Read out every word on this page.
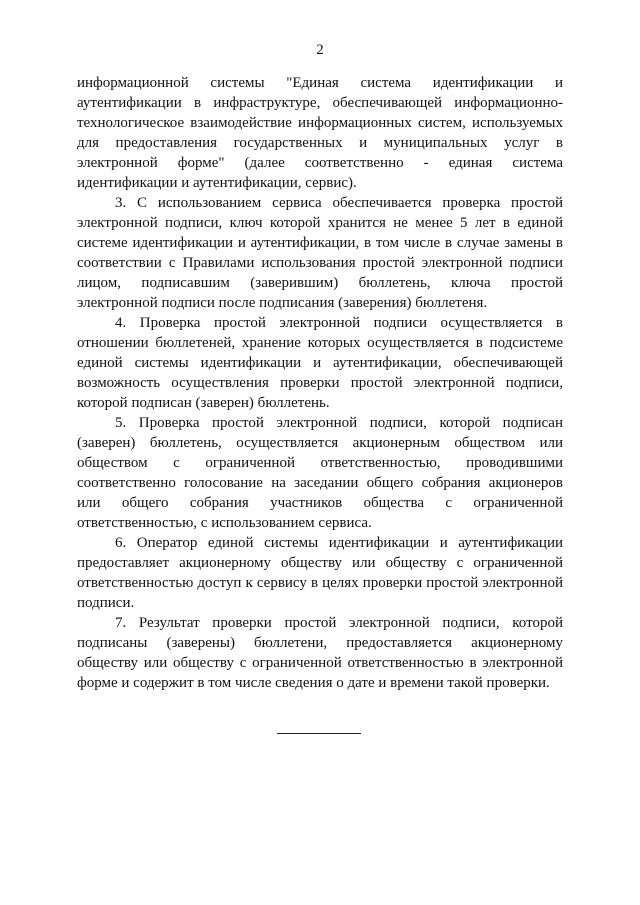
2

информационной системы "Единая система идентификации и аутентификации в инфраструктуре, обеспечивающей информационно-технологическое взаимодействие информационных систем, используемых для предоставления государственных и муниципальных услуг в электронной форме" (далее соответственно - единая система идентификации и аутентификации, сервис).

3. С использованием сервиса обеспечивается проверка простой электронной подписи, ключ которой хранится не менее 5 лет в единой системе идентификации и аутентификации, в том числе в случае замены в соответствии с Правилами использования простой электронной подписи лицом, подписавшим (заверившим) бюллетень, ключа простой электронной подписи после подписания (заверения) бюллетеня.

4. Проверка простой электронной подписи осуществляется в отношении бюллетеней, хранение которых осуществляется в подсистеме единой системы идентификации и аутентификации, обеспечивающей возможность осуществления проверки простой электронной подписи, которой подписан (заверен) бюллетень.

5. Проверка простой электронной подписи, которой подписан (заверен) бюллетень, осуществляется акционерным обществом или обществом с ограниченной ответственностью, проводившими соответственно голосование на заседании общего собрания акционеров или общего собрания участников общества с ограниченной ответственностью, с использованием сервиса.

6. Оператор единой системы идентификации и аутентификации предоставляет акционерному обществу или обществу с ограниченной ответственностью доступ к сервису в целях проверки простой электронной подписи.

7. Результат проверки простой электронной подписи, которой подписаны (заверены) бюллетени, предоставляется акционерному обществу или обществу с ограниченной ответственностью в электронной форме и содержит в том числе сведения о дате и времени такой проверки.
